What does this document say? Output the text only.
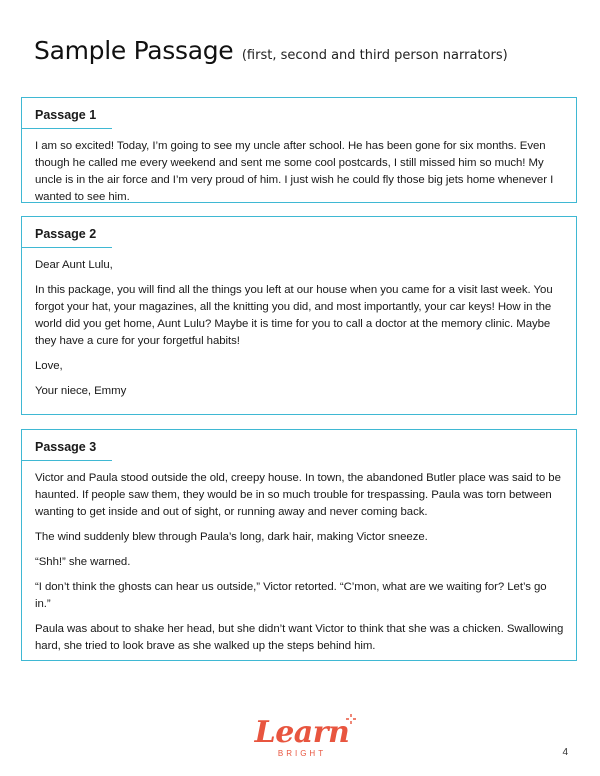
Sample Passage (first, second and third person narrators)
Passage 1

I am so excited! Today, I’m going to see my uncle after school. He has been gone for six months. Even though he called me every weekend and sent me some cool postcards, I still missed him so much! My uncle is in the air force and I’m very proud of him. I just wish he could fly those big jets home whenever I wanted to see him.

Passage 2

Dear Aunt Lulu,

In this package, you will find all the things you left at our house when you came for a visit last week. You forgot your hat, your magazines, all the knitting you did, and most importantly, your car keys! How in the world did you get home, Aunt Lulu? Maybe it is time for you to call a doctor at the memory clinic. Maybe they have a cure for your forgetful habits!

Love,

Your niece, Emmy

Passage 3

Victor and Paula stood outside the old, creepy house. In town, the abandoned Butler place was said to be haunted. If people saw them, they would be in so much trouble for trespassing. Paula was torn between wanting to get inside and out of sight, or running away and never coming back.

The wind suddenly blew through Paula’s long, dark hair, making Victor sneeze.

“Shh!” she warned.

“I don’t think the ghosts can hear us outside,” Victor retorted. “C’mon, what are we waiting for? Let’s go in.”

Paula was about to shake her head, but she didn’t want Victor to think that she was a chicken. Swallowing hard, she tried to look brave as she walked up the steps behind him.

Learn
BRIGHT	4
